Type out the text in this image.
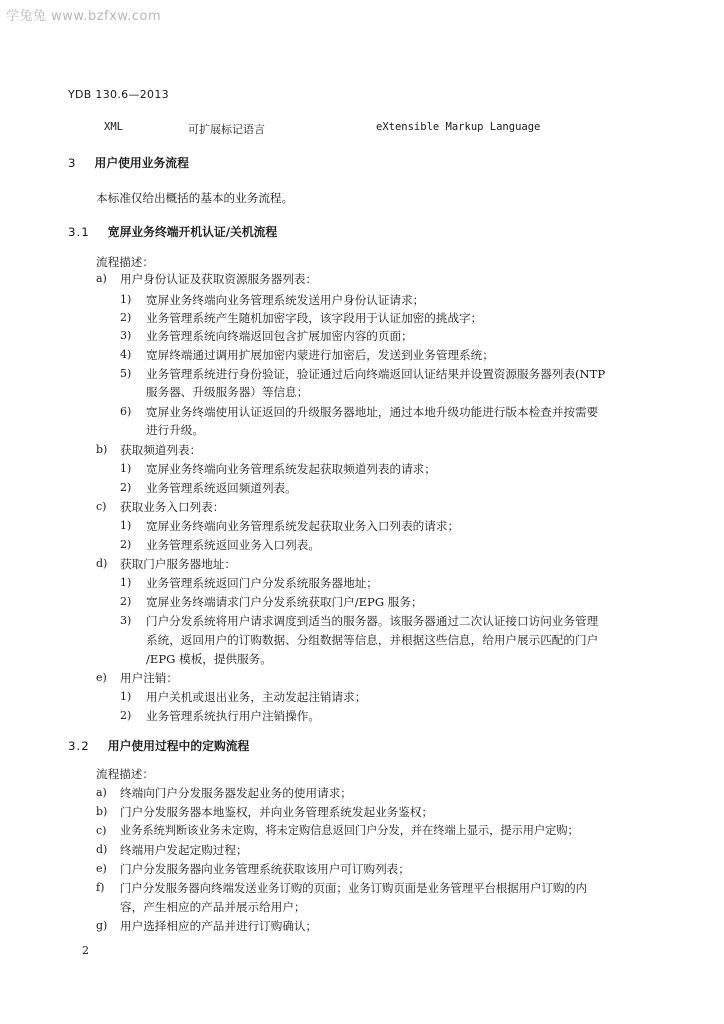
学兔兔 www.bzfxw.com
YDB 130.6—2013
XML	可扩展标记语言	eXtensible Markup Language
3 用户使用业务流程
本标准仅给出概括的基本的业务流程。
3.1 宽屏业务终端开机认证/关机流程
流程描述：
a) 用户身份认证及获取资源服务器列表：
1) 宽屏业务终端向业务管理系统发送用户身份认证请求；
2) 业务管理系统产生随机加密字段，该字段用于认证加密的挑战字；
3) 业务管理系统向终端返回包含扩展加密内容的页面；
4) 宽屏终端通过调用扩展加密内蒙进行加密后，发送到业务管理系统；
5) 业务管理系统进行身份验证，验证通过后向终端返回认证结果并设置资源服务器列表(NTP
服务器、升级服务器）等信息；
6) 宽屏业务终端使用认证返回的升级服务器地址，通过本地升级功能进行版本检查并按需要
进行升级。
b) 获取频道列表：
1) 宽屏业务终端向业务管理系统发起获取频道列表的请求；
2) 业务管理系统返回频道列表。
c) 获取业务入口列表：
1) 宽屏业务终端向业务管理系统发起获取业务入口列表的请求；
2) 业务管理系统返回业务入口列表。
d) 获取门户服务器地址：
1) 业务管理系统返回门户分发系统服务器地址；
2) 宽屏业务终端请求门户分发系统获取门户/EPG 服务；
3) 门户分发系统将用户请求调度到适当的服务器。该服务器通过二次认证接口访问业务管理
系统，返回用户的订购数据、分组数据等信息，并根据这些信息，给用户展示匹配的门户
/EPG 模板，提供服务。
e) 用户注销：
1) 用户关机或退出业务，主动发起注销请求；
2) 业务管理系统执行用户注销操作。
3.2 用户使用过程中的定购流程
流程描述：
a) 终端向门户分发服务器发起业务的使用请求；
b) 门户分发服务器本地鉴权，并向业务管理系统发起业务鉴权；
c) 业务系统判断该业务未定购，将未定购信息返回门户分发，并在终端上显示，提示用户定购；
d) 终端用户发起定购过程；
e) 门户分发服务器向业务管理系统获取该用户可订购列表；
f) 门户分发服务器向终端发送业务订购的页面；业务订购页面是业务管理平台根据用户订购的内
容，产生相应的产品并展示给用户；
g) 用户选择相应的产品并进行订购确认；
2
